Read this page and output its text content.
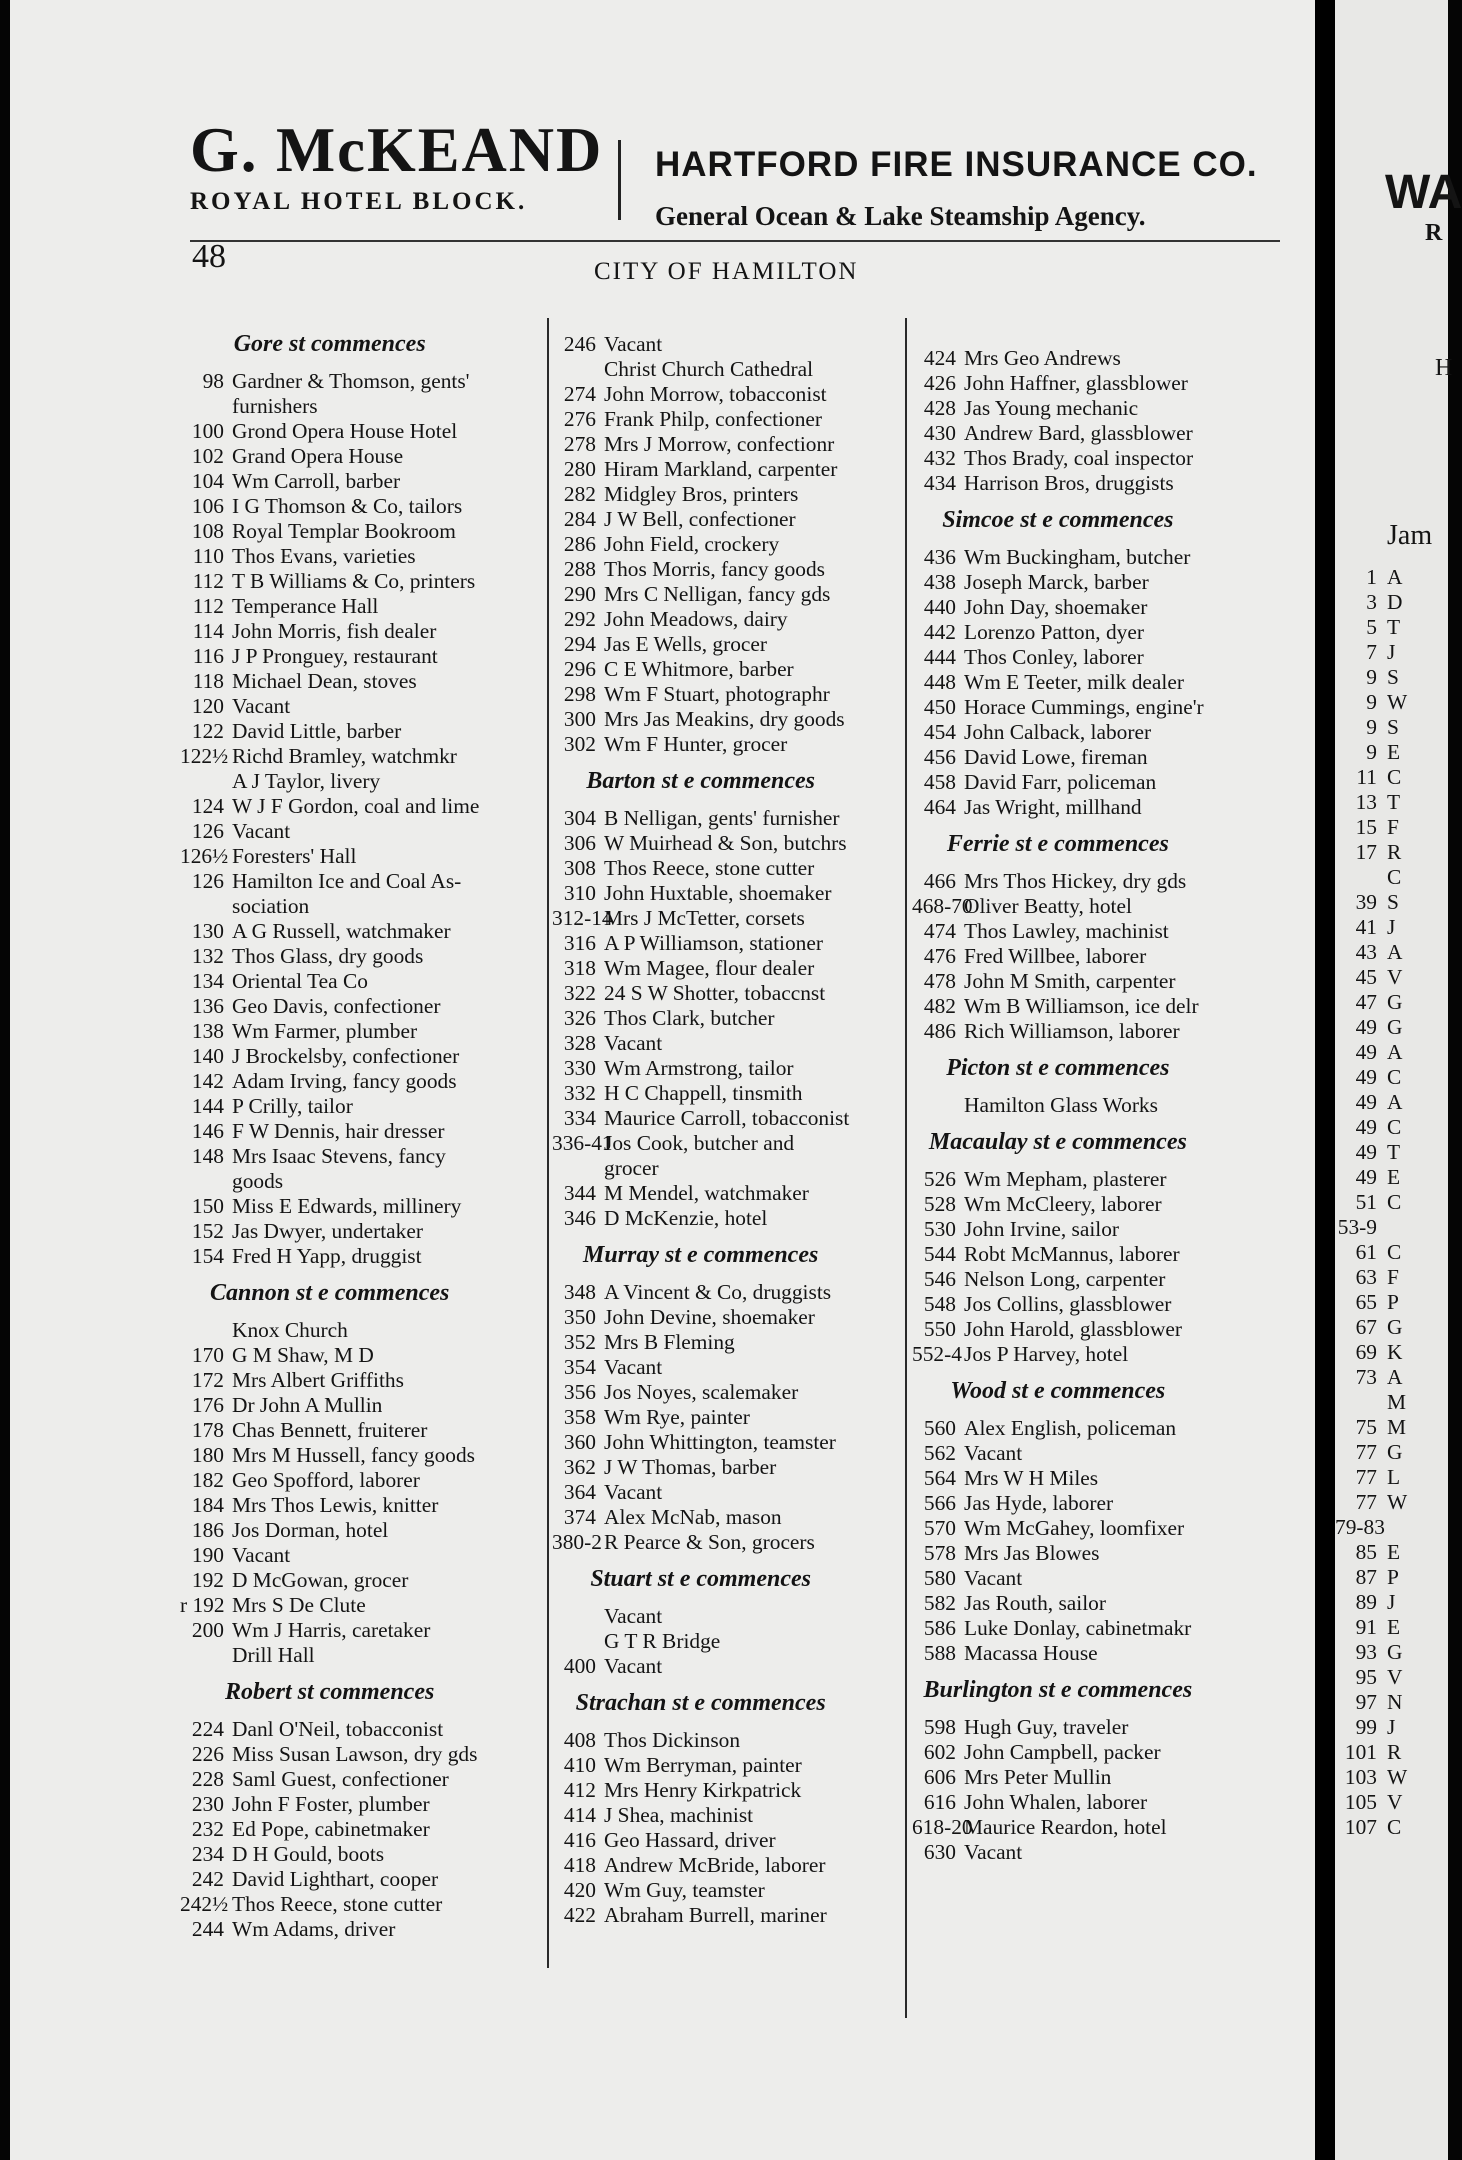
G. McKEAND
ROYAL HOTEL BLOCK.
HARTFORD FIRE INSURANCE CO.
General Ocean & Lake Steamship Agency.
48	CITY OF HAMILTON
Gore st commences
98 Gardner & Thomson, gents'
furnishers
100 Grond Opera House Hotel
102 Grand Opera House
104 Wm Carroll, barber
106 I G Thomson & Co, tailors
108 Royal Templar Bookroom
110 Thos Evans, varieties
112 T B Williams & Co, printers
112 Temperance Hall
114 John Morris, fish dealer
116 J P Pronguey, restaurant
118 Michael Dean, stoves
120 Vacant
122 David Little, barber
122½ Richd Bramley, watchmkr
A J Taylor, livery
124 W J F Gordon, coal and lime
126 Vacant
126½ Foresters' Hall
126 Hamilton Ice and Coal As-
sociation
130 A G Russell, watchmaker
132 Thos Glass, dry goods
134 Oriental Tea Co
136 Geo Davis, confectioner
138 Wm Farmer, plumber
140 J Brockelsby, confectioner
142 Adam Irving, fancy goods
144 P Crilly, tailor
146 F W Dennis, hair dresser
148 Mrs Isaac Stevens, fancy
goods
150 Miss E Edwards, millinery
152 Jas Dwyer, undertaker
154 Fred H Yapp, druggist
Cannon st e commences
Knox Church
170 G M Shaw, M D
172 Mrs Albert Griffiths
176 Dr John A Mullin
178 Chas Bennett, fruiterer
180 Mrs M Hussell, fancy goods
182 Geo Spofford, laborer
184 Mrs Thos Lewis, knitter
186 Jos Dorman, hotel
190 Vacant
192 D McGowan, grocer
r 192 Mrs S De Clute
200 Wm J Harris, caretaker
Drill Hall
Robert st commences
224 Danl O'Neil, tobacconist
226 Miss Susan Lawson, dry gds
228 Saml Guest, confectioner
230 John F Foster, plumber
232 Ed Pope, cabinetmaker
234 D H Gould, boots
242 David Lighthart, cooper
242½ Thos Reece, stone cutter
244 Wm Adams, driver
246 Vacant
Christ Church Cathedral
274 John Morrow, tobacconist
276 Frank Philp, confectioner
278 Mrs J Morrow, confectionr
280 Hiram Markland, carpenter
282 Midgley Bros, printers
284 J W Bell, confectioner
286 John Field, crockery
288 Thos Morris, fancy goods
290 Mrs C Nelligan, fancy gds
292 John Meadows, dairy
294 Jas E Wells, grocer
296 C E Whitmore, barber
298 Wm F Stuart, photographr
300 Mrs Jas Meakins, dry goods
302 Wm F Hunter, grocer
Barton st e commences
304 B Nelligan, gents' furnisher
306 W Muirhead & Son, butchrs
308 Thos Reece, stone cutter
310 John Huxtable, shoemaker
312-14
Mrs J McTetter, corsets
316 A P Williamson, stationer
318 Wm Magee, flour dealer
322 24 S W Shotter, tobaccnst
326 Thos Clark, butcher
328 Vacant
330 Wm Armstrong, tailor
332 H C Chappell, tinsmith
334 Maurice Carroll, tobacconist
336-41
Jos Cook, butcher and
grocer
344 M Mendel, watchmaker
346 D McKenzie, hotel
Murray st e commences
348 A Vincent & Co, druggists
350 John Devine, shoemaker
352 Mrs B Fleming
354 Vacant
356 Jos Noyes, scalemaker
358 Wm Rye, painter
360 John Whittington, teamster
362 J W Thomas, barber
364 Vacant
374 Alex McNab, mason
380-2 R Pearce & Son, grocers
Stuart st e commences
Vacant
G T R Bridge
400 Vacant
Strachan st e commences
408 Thos Dickinson
410 Wm Berryman, painter
412 Mrs Henry Kirkpatrick
414 J Shea, machinist
416 Geo Hassard, driver
418 Andrew McBride, laborer
420 Wm Guy, teamster
422 Abraham Burrell, mariner
424 Mrs Geo Andrews
426 John Haffner, glassblower
428 Jas Young mechanic
430 Andrew Bard, glassblower
432 Thos Brady, coal inspector
434 Harrison Bros, druggists
Simcoe st e commences
436 Wm Buckingham, butcher
438 Joseph Marck, barber
440 John Day, shoemaker
442 Lorenzo Patton, dyer
444 Thos Conley, laborer
448 Wm E Teeter, milk dealer
450 Horace Cummings, engine'r
454 John Calback, laborer
456 David Lowe, fireman
458 David Farr, policeman
464 Jas Wright, millhand
Ferrie st e commences
466 Mrs Thos Hickey, dry gds
468-70
Oliver Beatty, hotel
474 Thos Lawley, machinist
476 Fred Willbee, laborer
478 John M Smith, carpenter
482 Wm B Williamson, ice delr
486 Rich Williamson, laborer
Picton st e commences
Hamilton Glass Works
Macaulay st e commences
526 Wm Mepham, plasterer
528 Wm McCleery, laborer
530 John Irvine, sailor
544 Robt McMannus, laborer
546 Nelson Long, carpenter
548 Jos Collins, glassblower
550 John Harold, glassblower
552-4 Jos P Harvey, hotel
Wood st e commences
560 Alex English, policeman
562 Vacant
564 Mrs W H Miles
566 Jas Hyde, laborer
570 Wm McGahey, loomfixer
578 Mrs Jas Blowes
580 Vacant
582 Jas Routh, sailor
586 Luke Donlay, cabinetmakr
588 Macassa House
Burlington st e commences
598 Hugh Guy, traveler
602 John Campbell, packer
606 Mrs Peter Mullin
616 John Whalen, laborer
618-20
Maurice Reardon, hotel
630 Vacant
WA
R
H
Jam
1 A
3 D
5 T
7 J
9 S
9 W
9 S
9 E
11 C
13 T
15 F
17 R
C
39 S
41 J
43 A
45 V
47 G
49 G
49 A
49 C
49 A
49 C
49 T
49 E
51 C
53-9
61 C
63 F
65 P
67 G
69 K
73 A
M
75 M
77 G
77 L
77 W
79-83
85 E
87 P
89 J
91 E
93 G
95 V
97 N
99 J
101 R
103 W
105 V
107 C
